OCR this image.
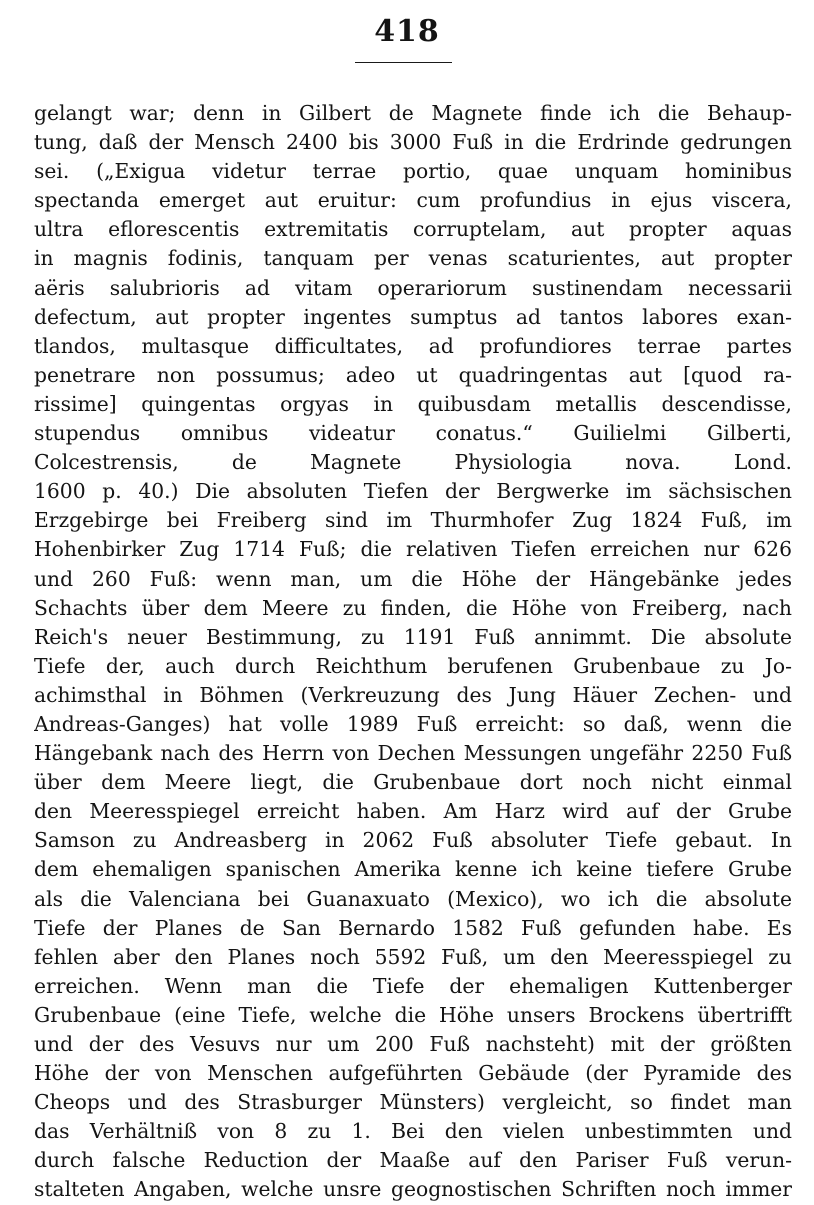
418
gelangt war; denn in Gilbert de Magnete finde ich die Behaup-
tung, daß der Mensch 2400 bis 3000 Fuß in die Erdrinde gedrungen
sei. („Exigua videtur terrae portio, quae unquam hominibus
spectanda emerget aut eruitur: cum profundius in ejus viscera,
ultra eflorescentis extremitatis corruptelam, aut propter aquas
in magnis fodinis, tanquam per venas scaturientes, aut propter
aëris salubrioris ad vitam operariorum sustinendam necessarii
defectum, aut propter ingentes sumptus ad tantos labores exan-
tlandos, multasque difficultates, ad profundiores terrae partes
penetrare non possumus; adeo ut quadringentas aut [quod ra-
rissime] quingentas orgyas in quibusdam metallis descendisse,
stupendus omnibus videatur conatus.“ Guilielmi Gilberti,
Colcestrensis, de Magnete Physiologia nova. Lond.
1600 p. 40.) Die absoluten Tiefen der Bergwerke im sächsischen
Erzgebirge bei Freiberg sind im Thurmhofer Zug 1824 Fuß, im
Hohenbirker Zug 1714 Fuß; die relativen Tiefen erreichen nur 626
und 260 Fuß: wenn man, um die Höhe der Hängebänke jedes
Schachts über dem Meere zu finden, die Höhe von Freiberg, nach
Reich's neuer Bestimmung, zu 1191 Fuß annimmt. Die absolute
Tiefe der, auch durch Reichthum berufenen Grubenbaue zu Jo-
achimsthal in Böhmen (Verkreuzung des Jung Häuer Zechen- und
Andreas-Ganges) hat volle 1989 Fuß erreicht: so daß, wenn die
Hängebank nach des Herrn von Dechen Messungen ungefähr 2250 Fuß
über dem Meere liegt, die Grubenbaue dort noch nicht einmal
den Meeresspiegel erreicht haben. Am Harz wird auf der Grube
Samson zu Andreasberg in 2062 Fuß absoluter Tiefe gebaut. In
dem ehemaligen spanischen Amerika kenne ich keine tiefere Grube
als die Valenciana bei Guanaxuato (Mexico), wo ich die absolute
Tiefe der Planes de San Bernardo 1582 Fuß gefunden habe. Es
fehlen aber den Planes noch 5592 Fuß, um den Meeresspiegel zu
erreichen. Wenn man die Tiefe der ehemaligen Kuttenberger
Grubenbaue (eine Tiefe, welche die Höhe unsers Brockens übertrifft
und der des Vesuvs nur um 200 Fuß nachsteht) mit der größten
Höhe der von Menschen aufgeführten Gebäude (der Pyramide des
Cheops und des Strasburger Münsters) vergleicht, so findet man
das Verhältniß von 8 zu 1. Bei den vielen unbestimmten und
durch falsche Reduction der Maaße auf den Pariser Fuß verun-
stalteten Angaben, welche unsre geognostischen Schriften noch immer
